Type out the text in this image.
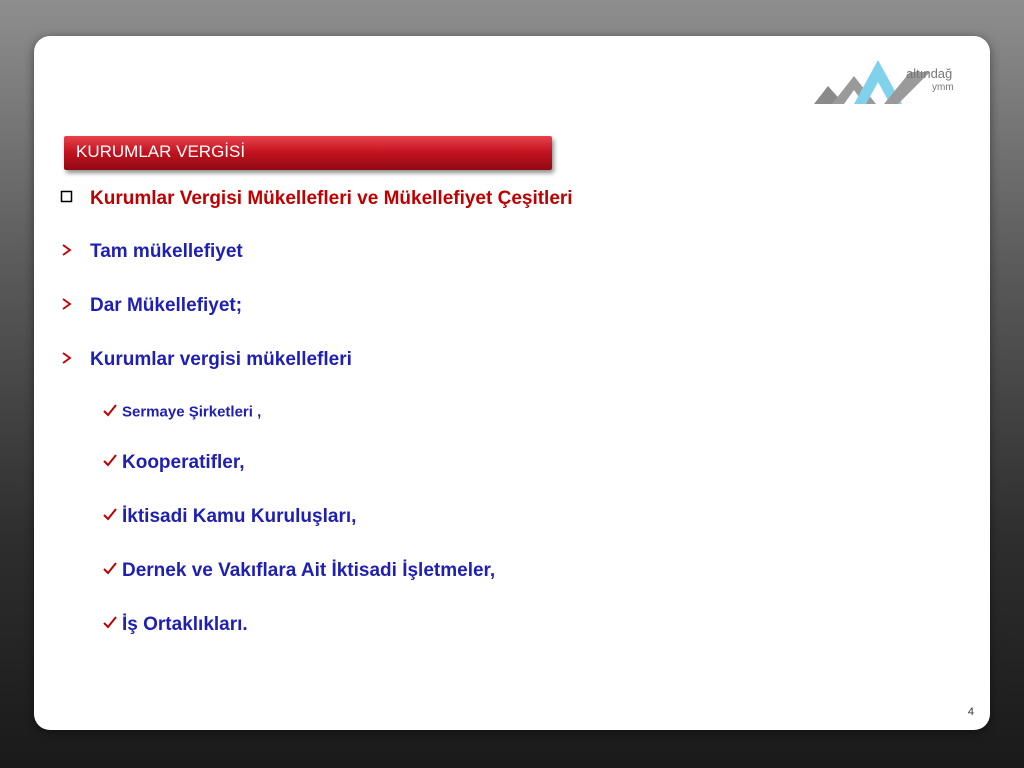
altındağ
ymm
KURUMLAR VERGİSİ
Kurumlar Vergisi Mükellefleri ve Mükellefiyet Çeşitleri
Tam mükellefiyet
Dar Mükellefiyet;
Kurumlar vergisi mükellefleri
Sermaye Şirketleri ,
Kooperatifler,
İktisadi Kamu Kuruluşları,
Dernek ve Vakıflara Ait İktisadi İşletmeler,
İş Ortaklıkları.
4
